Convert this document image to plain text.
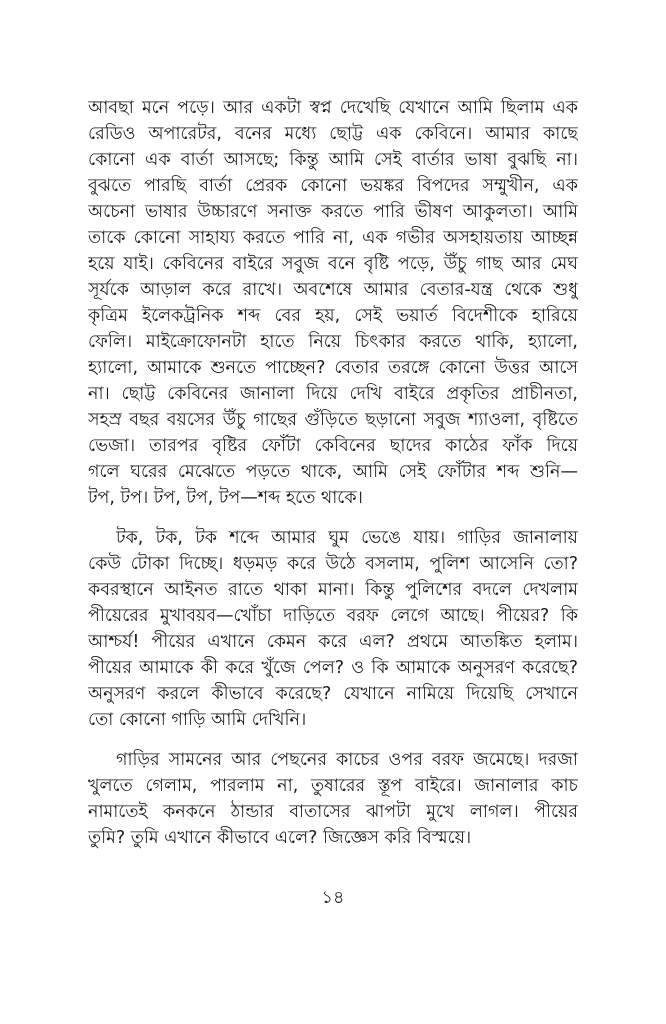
আবছা মনে পড়ে। আর একটা স্বপ্ন দেখেছি যেখানে আমি ছিলাম এক
রেডিও অপারেটর, বনের মধ্যে ছোট্ট এক কেবিনে। আমার কাছে
কোনো এক বার্তা আসছে; কিন্তু আমি সেই বার্তার ভাষা বুঝছি না।
বুঝতে পারছি বার্তা প্রেরক কোনো ভয়ঙ্কর বিপদের সম্মুখীন, এক
অচেনা ভাষার উচ্চারণে সনাক্ত করতে পারি ভীষণ আকুলতা। আমি
তাকে কোনো সাহায্য করতে পারি না, এক গভীর অসহায়তায় আচ্ছন্ন
হয়ে যাই। কেবিনের বাইরে সবুজ বনে বৃষ্টি পড়ে, উঁচু গাছ আর মেঘ
সূর্যকে আড়াল করে রাখে। অবশেষে আমার বেতার-যন্ত্র থেকে শুধু
কৃত্রিম ইলেকট্রনিক শব্দ বের হয়, সেই ভয়ার্ত বিদেশীকে হারিয়ে
ফেলি। মাইক্রোফোনটা হাতে নিয়ে চিৎকার করতে থাকি, হ্যালো,
হ্যালো, আমাকে শুনতে পাচ্ছেন? বেতার তরঙ্গে কোনো উত্তর আসে
না। ছোট্ট কেবিনের জানালা দিয়ে দেখি বাইরে প্রকৃতির প্রাচীনতা,
সহস্র বছর বয়সের উঁচু গাছের গুঁড়িতে ছড়ানো সবুজ শ্যাওলা, বৃষ্টিতে
ভেজা। তারপর বৃষ্টির ফোঁটা কেবিনের ছাদের কাঠের ফাঁক দিয়ে
গলে ঘরের মেঝেতে পড়তে থাকে, আমি সেই ফোঁটার শব্দ শুনি—
টপ, টপ। টপ, টপ, টপ—শব্দ হতে থাকে।
টক, টক, টক শব্দে আমার ঘুম ভেঙে যায়। গাড়ির জানালায়
কেউ টোকা দিচ্ছে। ধড়মড় করে উঠে বসলাম, পুলিশ আসেনি তো?
কবরস্থানে আইনত রাতে থাকা মানা। কিন্তু পুলিশের বদলে দেখলাম
পীয়েরের মুখাবয়ব—খোঁচা দাড়িতে বরফ লেগে আছে। পীয়ের? কি
আশ্চর্য! পীয়ের এখানে কেমন করে এল? প্রথমে আতঙ্কিত হলাম।
পীয়ের আমাকে কী করে খুঁজে পেল? ও কি আমাকে অনুসরণ করেছে?
অনুসরণ করলে কীভাবে করেছে? যেখানে নামিয়ে দিয়েছি সেখানে
তো কোনো গাড়ি আমি দেখিনি।
গাড়ির সামনের আর পেছনের কাচের ওপর বরফ জমেছে। দরজা
খুলতে গেলাম, পারলাম না, তুষারের স্তূপ বাইরে। জানালার কাচ
নামাতেই কনকনে ঠান্ডার বাতাসের ঝাপটা মুখে লাগল। পীয়ের
তুমি? তুমি এখানে কীভাবে এলে? জিজ্ঞেস করি বিস্ময়ে।
১৪
